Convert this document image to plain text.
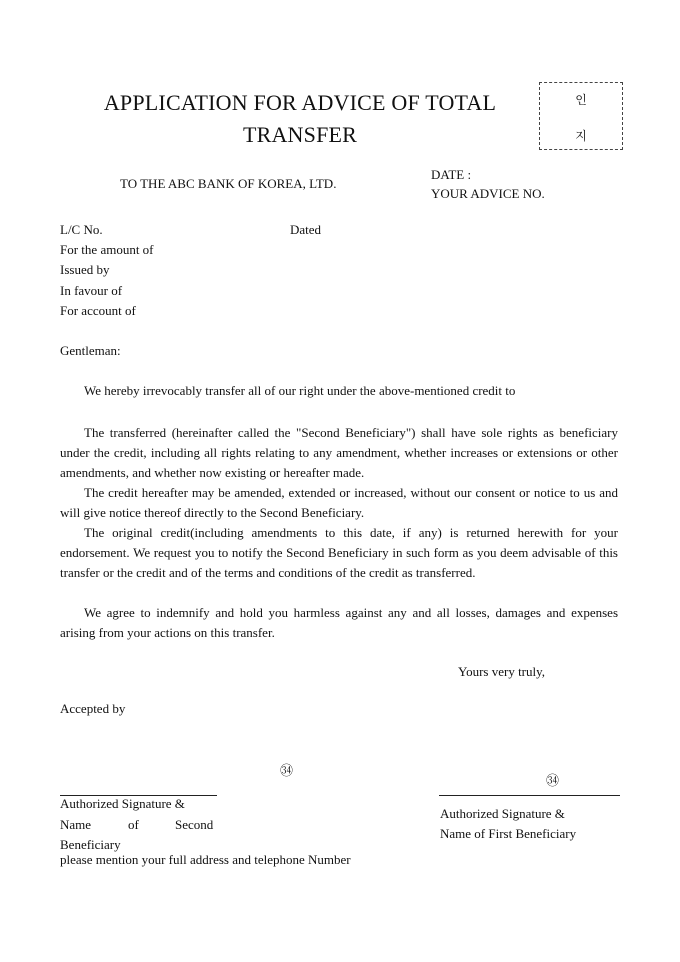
APPLICATION FOR ADVICE OF TOTAL
TRANSFER
인
지
TO THE ABC BANK OF KOREA, LTD.
DATE :
YOUR ADVICE NO.
L/C No.	Dated
For the amount of
Issued by
In favour of
For account of
Gentleman:
We hereby irrevocably transfer all of our right under the above-mentioned credit to
The transferred (hereinafter called the "Second Beneficiary") shall have sole rights as beneficiary under the credit, including all rights relating to any amendment, whether increases or extensions or other amendments, and whether now existing or hereafter made.
The credit hereafter may be amended, extended or increased, without our consent or notice to us and will give notice thereof directly to the Second Beneficiary.
The original credit(including amendments to this date, if any) is returned herewith for your endorsement. We request you to notify the Second Beneficiary in such form as you deem advisable of this transfer or the credit and of the terms and conditions of the credit as transferred.
We agree to indemnify and hold you harmless against any and all losses, damages and expenses arising from your actions on this transfer.
Yours very truly,
Accepted by
㉞
㉞
Authorized Signature &
Name	of	Second
Beneficiary
please mention your full address and telephone Number
Authorized Signature &
Name of First Beneficiary
